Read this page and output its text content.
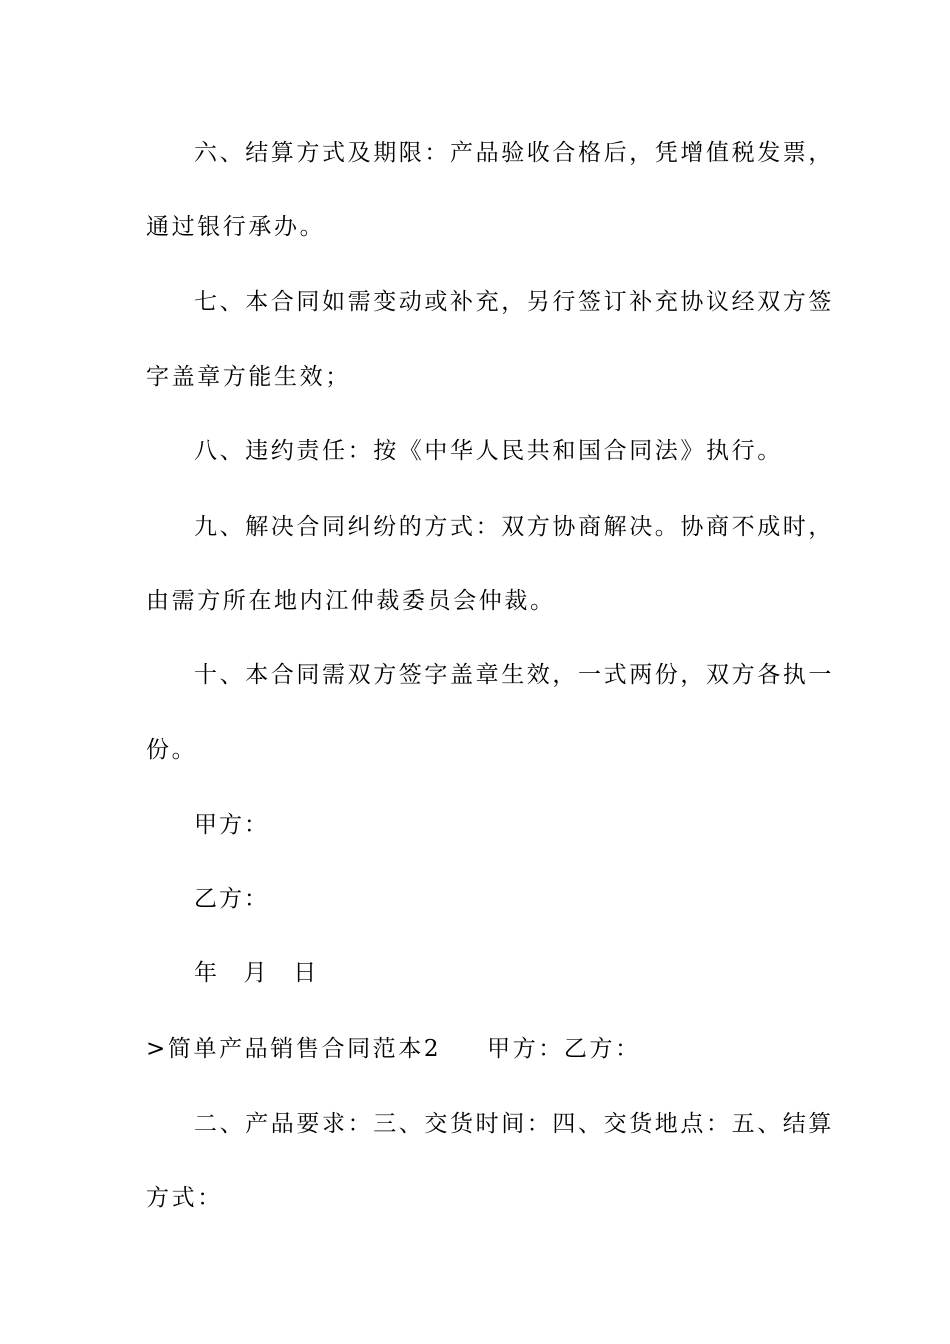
六、结算方式及期限：产品验收合格后，凭增值税发票，
通过银行承办。
七、本合同如需变动或补充，另行签订补充协议经双方签
字盖章方能生效；
八、违约责任：按《中华人民共和国合同法》执行。
九、解决合同纠纷的方式：双方协商解决。协商不成时，
由需方所在地内江仲裁委员会仲裁。
十、本合同需双方签字盖章生效，一式两份，双方各执一
份。
甲方：
乙方：
年  月  日
>简单产品销售合同范本2 甲方：乙方：
二、产品要求：三、交货时间：四、交货地点：五、结算
方式：
